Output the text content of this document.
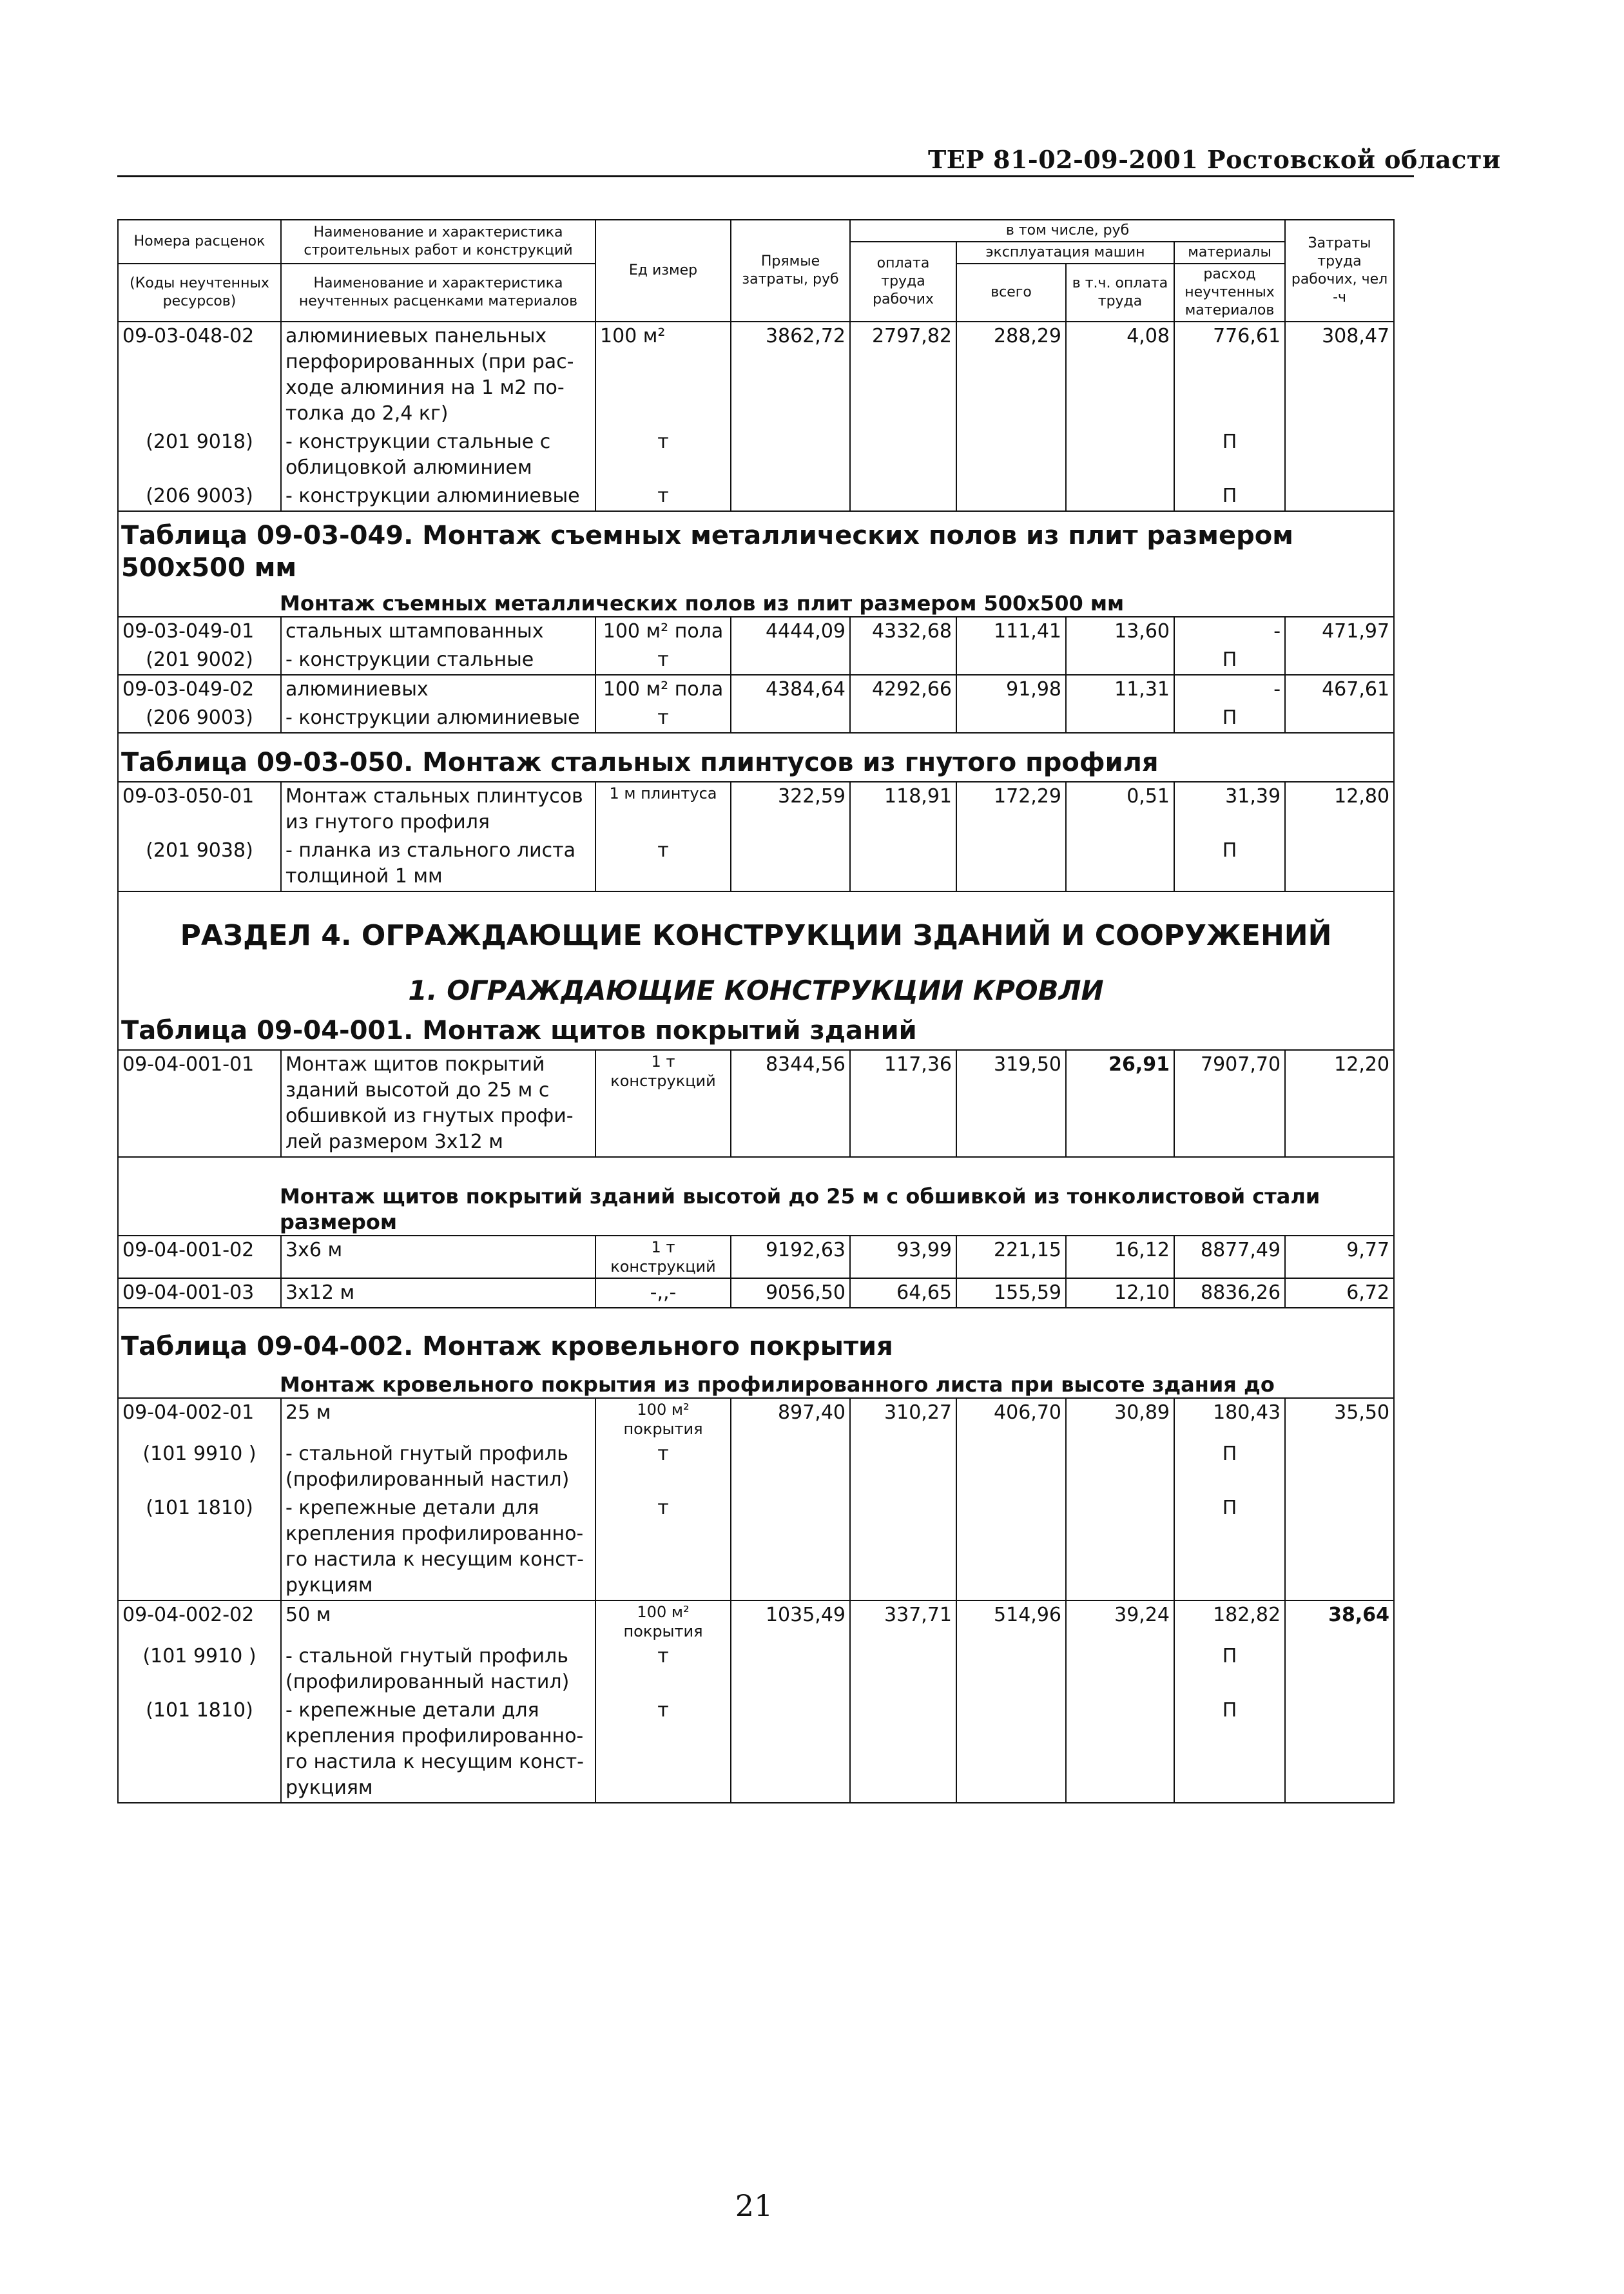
ТЕР 81-02-09-2001 Ростовской области
Номера расценок	Наименование и характеристика строительных работ и конструкций	Ед измер	Прямые затраты, руб	в том числе, руб				Затраты труда рабочих, чел -ч
				оплата труда рабочих	эксплуатация машин		материалы	
(Коды неучтенных ресурсов)	Наименование и характеристика неучтенных расценками материалов				всего	в т.ч. оплата труда	расход неучтенных материалов	

09-03-048-02	алюминиевых панельных перфорированных (при рас-ходе алюминия на 1 м2 по-толка до 2,4 кг)	100 м²	3862,72	2797,82	288,29	4,08	776,61	308,47
(201 9018)	- конструкции стальные с облицовкой алюминием	т					П	
(206 9003)	- конструкции алюминиевые	т					П	
Таблица 09-03-049. Монтаж съемных металлических полов из плит размером 500х500 мм								
Монтаж съемных металлических полов из плит размером 500х500 мм								
09-03-049-01	стальных штампованных	100 м² пола	4444,09	4332,68	111,41	13,60	-	471,97
(201 9002)	- конструкции стальные	т					П	
09-03-049-02	алюминиевых	100 м² пола	4384,64	4292,66	91,98	11,31	-	467,61
(206 9003)	- конструкции алюминиевые	т					П	
Таблица 09-03-050. Монтаж стальных плинтусов из гнутого профиля								
09-03-050-01	Монтаж стальных плинтусов из гнутого профиля	1 м плинтуса	322,59	118,91	172,29	0,51	31,39	12,80
(201 9038)	- планка из стального листа толщиной 1 мм	т					П	
РАЗДЕЛ 4. ОГРАЖДАЮЩИЕ КОНСТРУКЦИИ ЗДАНИЙ И СООРУЖЕНИЙ								
1. ОГРАЖДАЮЩИЕ КОНСТРУКЦИИ КРОВЛИ								
Таблица 09-04-001. Монтаж щитов покрытий зданий								
09-04-001-01	Монтаж щитов покрытий зданий высотой до 25 м с обшивкой из гнутых профи-лей размером 3х12 м	1 т конструкций	8344,56	117,36	319,50	26,91	7907,70	12,20
Монтаж щитов покрытий зданий высотой до 25 м с обшивкой из тонколистовой стали размером								
09-04-001-02	3х6 м	1 т конструкций	9192,63	93,99	221,15	16,12	8877,49	9,77
09-04-001-03	3х12 м	-,,-	9056,50	64,65	155,59	12,10	8836,26	6,72
Таблица 09-04-002. Монтаж кровельного покрытия								
Монтаж кровельного покрытия из профилированного листа при высоте здания до								
09-04-002-01	25 м	100 м² покрытия	897,40	310,27	406,70	30,89	180,43	35,50
(101 9910 )	- стальной гнутый профиль (профилированный настил)	т					П	
(101 1810)	- крепежные детали для крепления профилированно-го настила к несущим конст-рукциям	т					П	
09-04-002-02	50 м	100 м² покрытия	1035,49	337,71	514,96	39,24	182,82	38,64
(101 9910 )	- стальной гнутый профиль (профилированный настил)	т					П	
(101 1810)	- крепежные детали для крепления профилированно-го настила к несущим конст-рукциям	т					П	
21
